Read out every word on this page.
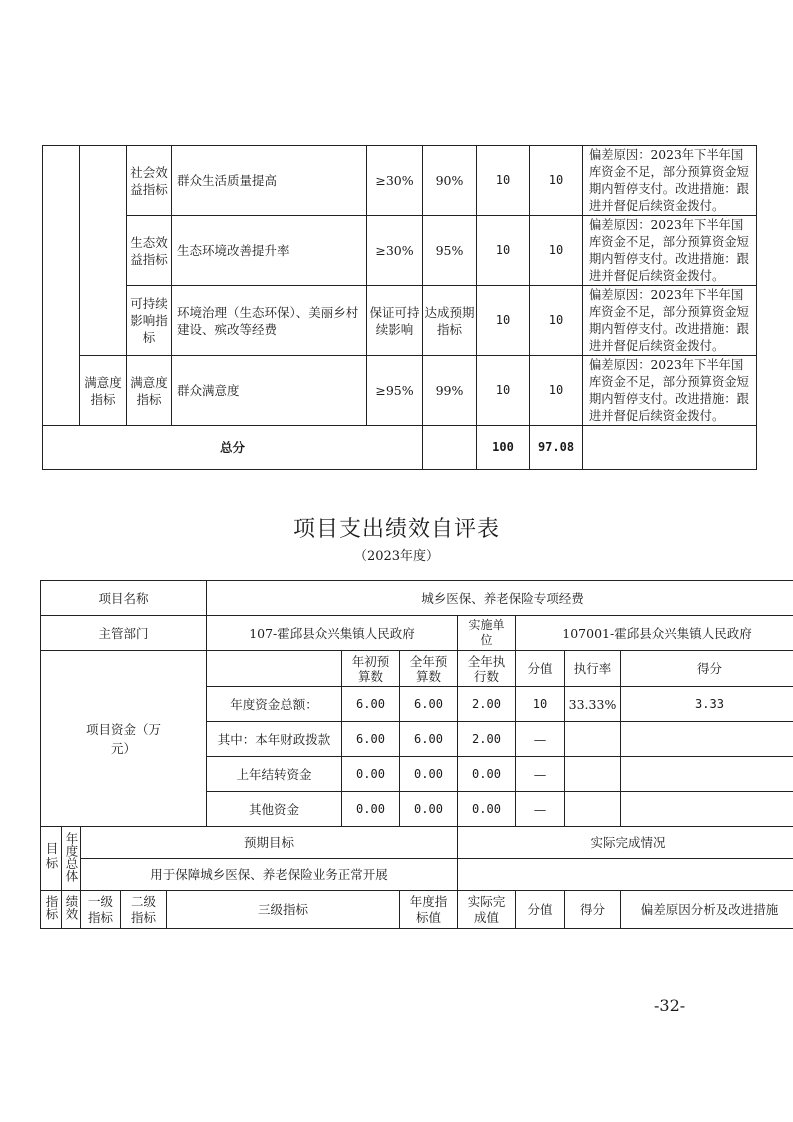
		社会效益指标	群众生活质量提高	≥30%	90%	10	10	偏差原因：2023年下半年国库资金不足，部分预算资金短期内暂停支付。改进措施：跟进并督促后续资金拨付。
		生态效益指标	生态环境改善提升率	≥30%	95%	10	10	偏差原因：2023年下半年国库资金不足，部分预算资金短期内暂停支付。改进措施：跟进并督促后续资金拨付。
		可持续影响指标	环境治理（生态环保）、美丽乡村建设、殡改等经费	保证可持续影响	达成预期指标	10	10	偏差原因：2023年下半年国库资金不足，部分预算资金短期内暂停支付。改进措施：跟进并督促后续资金拨付。
	满意度指标	满意度指标	群众满意度	≥95%	99%	10	10	偏差原因：2023年下半年国库资金不足，部分预算资金短期内暂停支付。改进措施：跟进并督促后续资金拨付。
总分						100	97.08	
项目支出绩效自评表
（2023年度）
项目名称					城乡医保、养老保险专项经费						
主管部门					107-霍邱县众兴集镇人民政府			实施单位	107001-霍邱县众兴集镇人民政府		

项目资金（万元）						年初预算数	全年预算数	全年执行数	分值	执行率	得分
					年度资金总额：	6.00	6.00	2.00	10	33.33%	3.33
					其中：本年财政拨款	6.00	6.00	2.00	—		
					上年结转资金	0.00	0.00	0.00	—		
					其他资金	0.00	0.00	0.00	—		
目标	年度总体	预期目标						实际完成情况			
		用于保障城乡医保、养老保险业务正常开展									
指标	绩效	一级指标	二级指标	三级指标			年度指标值	实际完成值	分值	得分	偏差原因分析及改进措施
-32-
